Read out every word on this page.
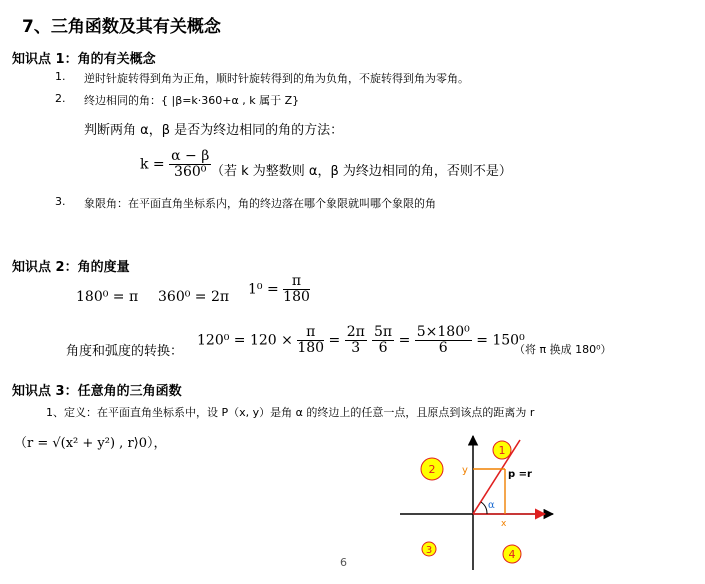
7、三角函数及其有关概念
知识点 1：角的有关概念
1. 逆时针旋转得到角为正角，顺时针旋转得到的角为负角，不旋转得到角为零角。
2. 终边相同的角：{ |β=k·360+α , k 属于 Z}
判断两角 α，β 是否为终边相同的角的方法：
$k = \frac{\alpha - \beta}{\text{360⁰}}$ （若 k 为整数则 α，β 为终边相同的角，否则不是）
3. 象限角：在平面直角坐标系内，角的终边落在哪个象限就叫哪个象限的角
知识点 2：角的度量
180⁰ = π 360⁰ = 2π $1^0 = \frac{\pi}{180}$
角度和弧度的转换：
$120^0 = 120 \times \frac{\pi}{180} = \frac{2\pi}{3} \frac{5\pi}{6} = \frac{\text{5×180⁰}}{6} = 150^0$
（将 π 换成 180⁰）
知识点 3：任意角的三角函数
1、定义：在平面直角坐标系中，设 P（x, y）是角 α 的终边上的任意一点，且原点到该点的距离为 r
（r = √(x² + y²) , r⟩0），	1
2
3	4
y
x
p =r
α
6
